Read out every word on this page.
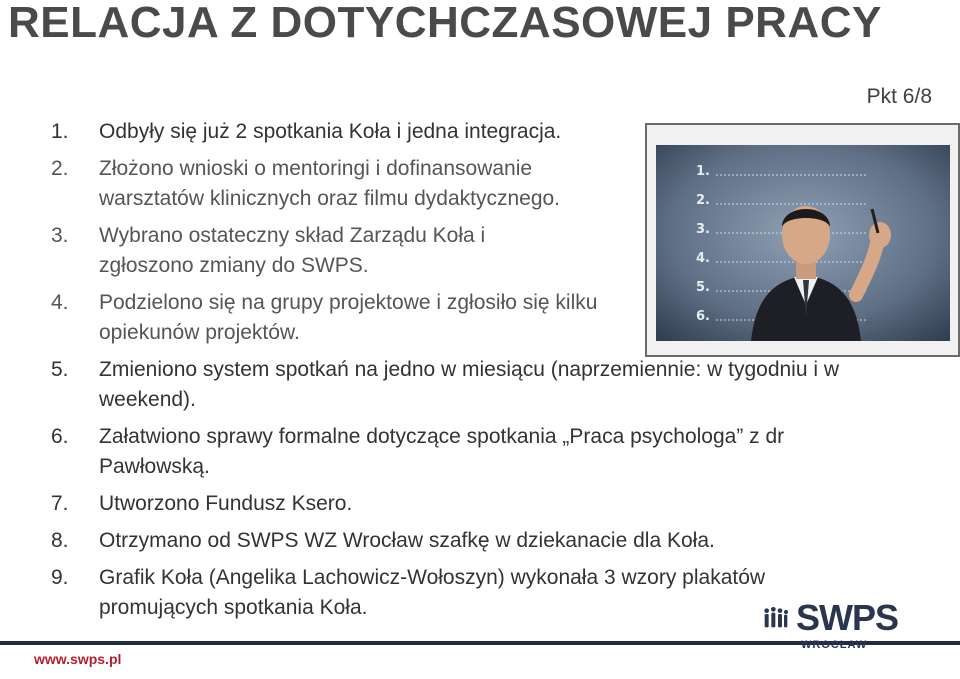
RELACJA Z DOTYCHCZASOWEJ PRACY
Pkt 6/8
1.
2.
3.
4.
5.
6.
1.	Odbyły się już 2 spotkania Koła i jedna integracja.
2.	Złożono wnioski o mentoringi i dofinansowanie warsztatów klinicznych oraz filmu dydaktycznego.
3.	Wybrano ostateczny skład Zarządu Koła i zgłoszono zmiany do SWPS.
4.	Podzielono się na grupy projektowe i zgłosiło się kilku opiekunów projektów.
5.	Zmieniono system spotkań na jedno w miesiącu (naprzemiennie: w tygodniu i w weekend).
6.	Załatwiono sprawy formalne dotyczące spotkania „Praca psychologa” z dr Pawłowską.
7.	Utworzono Fundusz Ksero.
8.	Otrzymano od SWPS WZ Wrocław szafkę w dziekanacie dla Koła.
9.	Grafik Koła (Angelika Lachowicz-Wołoszyn) wykonała 3 wzory plakatów promujących spotkania Koła.
www.swps.pl
SWPS
WROCŁAW
